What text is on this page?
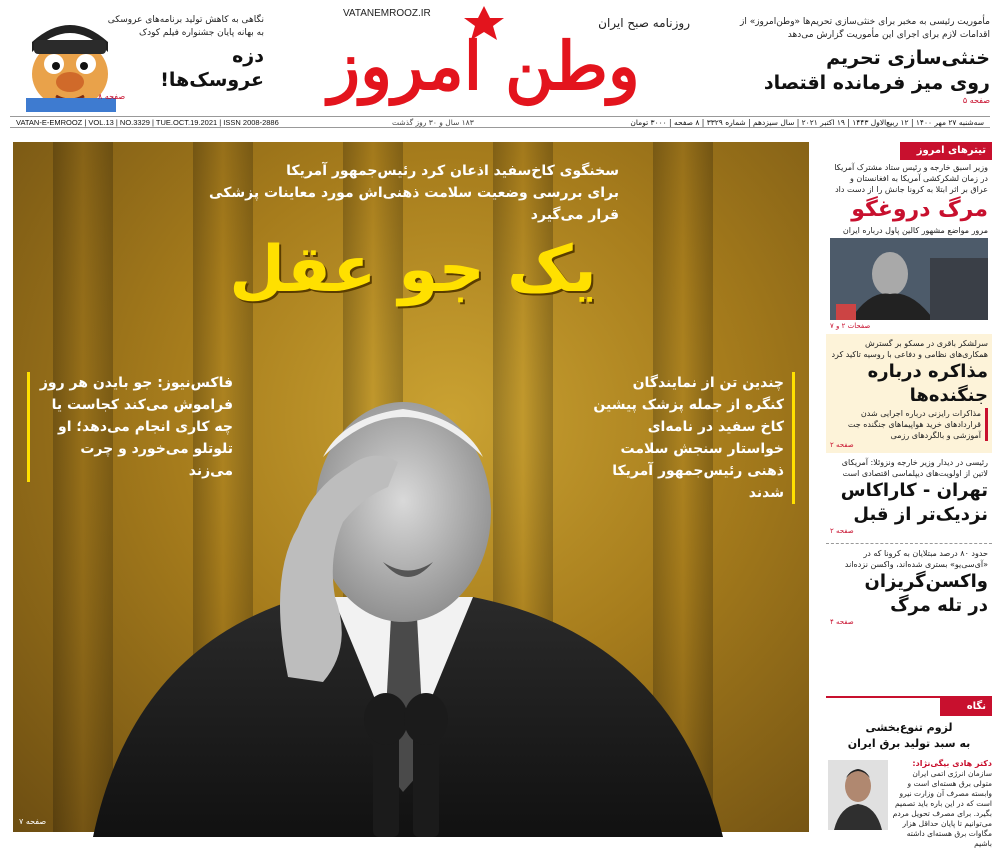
نگاهی به کاهش تولید برنامه‌های عروسکی به بهانه پایان جشنواره فیلم کودک

دزه
عروسک‌ها!
صفحه ۸
روزنامه صبح ایران
VATANEMROOZ.IR
وطن امروز

مأموریت رئیسی به مخبر برای خنثی‌سازی تحریم‌ها «وطن‌امروز» از اقدامات لازم برای اجرای این مأموریت گزارش می‌دهد

خنثی‌سازی تحریم
روی میز فرمانده اقتصاد
صفحه ۵
VATAN-E-EMROOZ | VOL.13 | NO.3329 | TUE.OCT.19.2021 | ISSN 2008-2886	۱۸۳ سال و ۳۰ روز گذشت	سه‌شنبه ۲۷ مهر ۱۴۰۰ | ۱۲ ربیع‌الاول ۱۴۴۳ | ۱۹ اکتبر ۲۰۲۱ | سال سیزدهم | شماره ۳۳۲۹ | ۸ صفحه | ۳۰۰۰ تومان
سخنگوی کاخ‌سفید اذعان کرد رئیس‌جمهور آمریکا
برای بررسی وضعیت سلامت ذهنی‌اش مورد معاینات پزشکی قرار می‌گیرد
یک جو عقل
فاکس‌نیوز: جو بایدن هر روز فراموش می‌کند کجاست یا چه کاری انجام می‌دهد؛ او تلوتلو می‌خورد و چرت می‌زند
چندین تن از نمایندگان کنگره از جمله پزشک پیشین کاخ سفید در نامه‌ای خواستار سنجش سلامت ذهنی رئیس‌جمهور آمریکا شدند
صفحه ۷
تیترهای امروز

وزیر اسبق خارجه و رئیس ستاد مشترک آمریکا در زمان لشکرکشی آمریکا به افغانستان و عراق بر اثر ابتلا به کرونا جانش را از دست داد

مرگ دروغگو

مرور مواضع مشهور کالین پاول درباره ایران

صفحات ۲ و ۷

سرلشکر باقری در مسکو بر گسترش همکاری‌های نظامی و دفاعی با روسیه تاکید کرد

مذاکره درباره
جنگنده‌ها

مذاکرات رایزنی درباره اجرایی شدن قراردادهای خرید هواپیماهای جنگنده جت آموزشی و بالگردهای رزمی

صفحه ۲

رئیسی در دیدار وزیر خارجه ونزوئلا: آمریکای لاتین از اولویت‌های دیپلماسی اقتصادی است

تهران - کاراکاس
نزدیک‌تر از قبل
صفحه ۲

حدود ۸۰ درصد مبتلایان به کرونا که در «آی‌سی‌یو» بستری شده‌اند، واکسن نزده‌اند

واکسن‌گریزان
در تله مرگ
صفحه ۴
نگاه
لزوم تنوع‌بخشی
به سبد تولید برق ایران
دکتر هادی بیگی‌نژاد:

سازمان انرژی اتمی ایران متولی برق هسته‌ای است و وابسته مصرف آن وزارت نیرو است که در این باره باید تصمیم بگیرد. برای مصرف تحویل مردم می‌توانیم تا پایان حداقل هزار مگاوات برق هسته‌ای داشته باشیم
